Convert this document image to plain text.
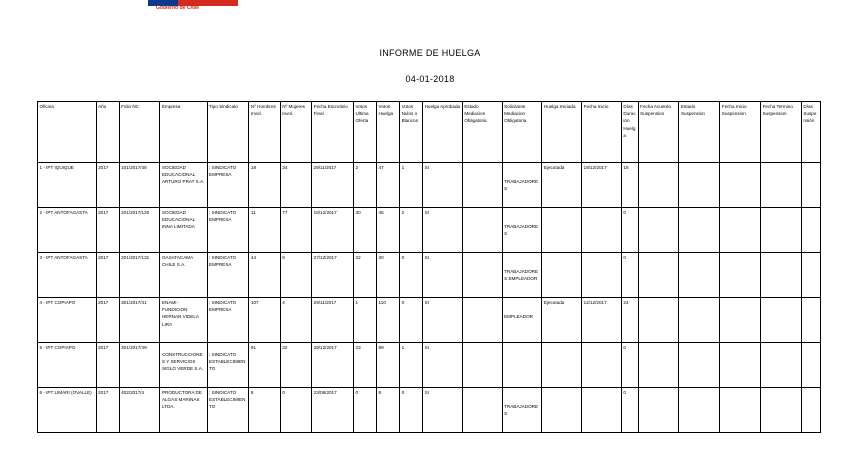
Gobierno de Chile
INFORME DE HUELGA
04-01-2018
Oficina	Año	Folio NC	Empresa	Tipo Sindicato	Nº Hombres Invol.	Nº Mujeres Invol.	Fecha Escrutinio Final	Votos Ultima Oferta	Votos Huelga	Votos Nulos o Blancos	Huelga Aprobada	Estado Mediacion Obligatoria	Solicitante Mediacion Obligatoria	Huelga Iniciada	Fecha Inicio	Días Duración Huelga	Fecha Acuerdo Suspension	Estado Suspension	Fecha Inicio Suspension	Fecha Termino Suspension	Días Suspensión
1 - IPT IQUIQUE	2017	101/2017/46	SOCIEDAD EDUCACIONAL ARTURO PRAT S.A.	; SINDICATO EMPRESA	18	34	29/11/2017	2	47	1	SI		TRABAJADORES	Ejecutada	18/12/2017	18					
2 - IPT ANTOFAGASTA	2017	201/2017/120	SOCIEDAD EDUCACIONAL INNA LIMITADA	; SINDICATO EMPRESA	11	77	18/12/2017	30	45	2	SI		TRABAJADORES			0					
3 - IPT ANTOFAGASTA	2017	201/2017/131	GASATACAMA CHILE S.A.	; SINDICATO EMPRESA	44	6	27/12/2017	22	30	0	SI		TRABAJADORES EMPLEADOR			0					
4 - IPT COPIAPO	2017	301/2017/41	ENAMI - FUNDICION HERNAN VIDELA LIRA	; SINDICATO EMPRESA	107	4	29/11/2017	1	110	0	SI		EMPLEADOR	Ejecutada	12/12/2017	24					
5 - IPT COPIAPO	2017	301/2017/49	CONSTRUCCIONES Y SERVICIOS SIGLO VERDE S.A.	; SINDICATO ESTABLECIMIENTO	91	32	29/12/2017	23	99	1	SI					0					
6 - IPT LIMARI (OVALLE)	2017	402/2017/4	PRODUCTORA DE ALGAS MARINAS LTDA.	; SINDICATO ESTABLECIMIENTO	8	0	23/08/2017	0	8	0	SI		TRABAJADORES			0					
